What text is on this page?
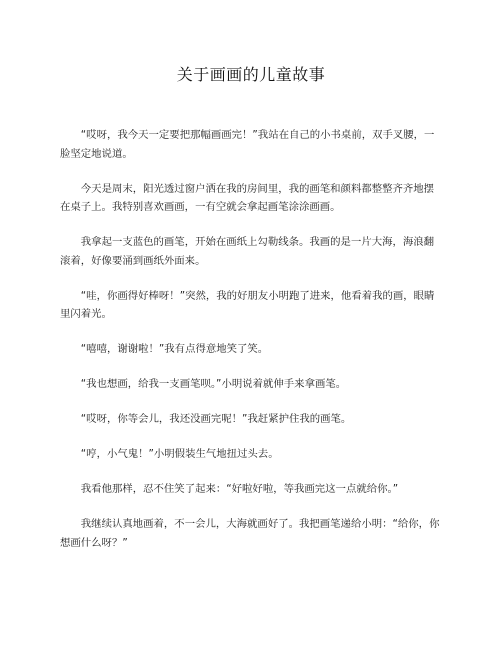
关于画画的儿童故事

“哎呀，我今天一定要把那幅画画完！”我站在自己的小书桌前，双手叉腰，一脸坚定地说道。

今天是周末，阳光透过窗户洒在我的房间里，我的画笔和颜料都整整齐齐地摆在桌子上。我特别喜欢画画，一有空就会拿起画笔涂涂画画。

我拿起一支蓝色的画笔，开始在画纸上勾勒线条。我画的是一片大海，海浪翻滚着，好像要涌到画纸外面来。

“哇，你画得好棒呀！”突然，我的好朋友小明跑了进来，他看着我的画，眼睛里闪着光。

“嘻嘻，谢谢啦！”我有点得意地笑了笑。

“我也想画，给我一支画笔呗。”小明说着就伸手来拿画笔。

“哎呀，你等会儿，我还没画完呢！”我赶紧护住我的画笔。

“哼，小气鬼！”小明假装生气地扭过头去。

我看他那样，忍不住笑了起来：“好啦好啦，等我画完这一点就给你。”

我继续认真地画着，不一会儿，大海就画好了。我把画笔递给小明：“给你，你想画什么呀？”
